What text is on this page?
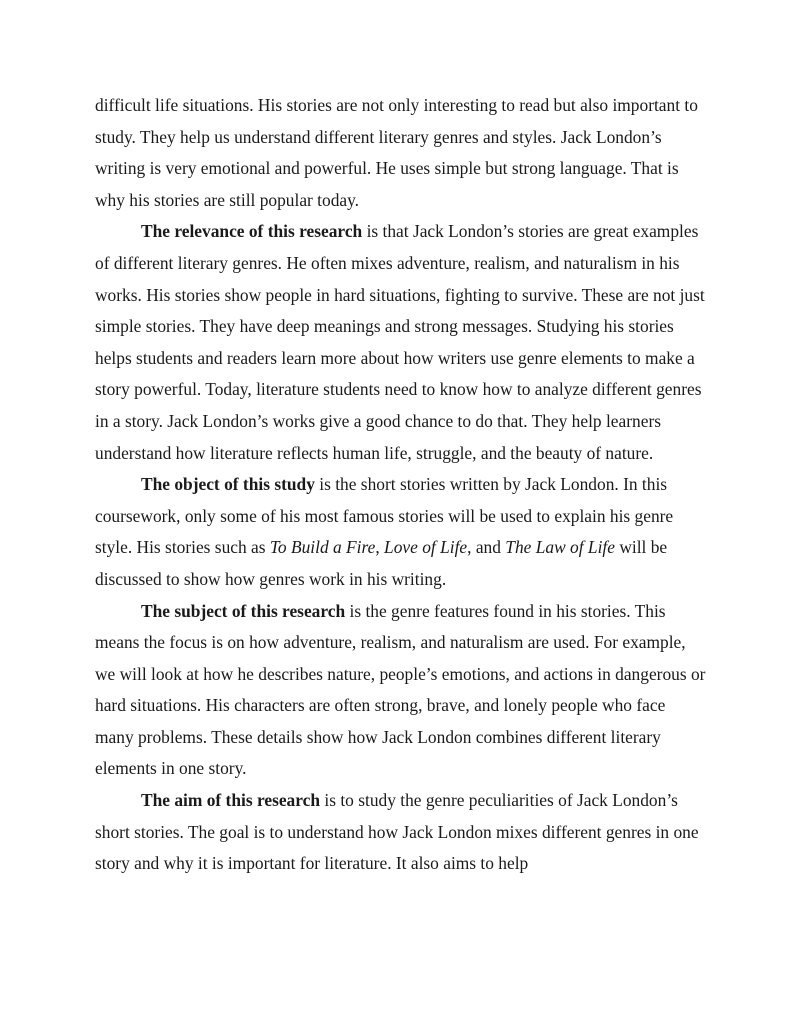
difficult life situations. His stories are not only interesting to read but also important to study. They help us understand different literary genres and styles. Jack London’s writing is very emotional and powerful. He uses simple but strong language. That is why his stories are still popular today.

The relevance of this research is that Jack London’s stories are great examples of different literary genres. He often mixes adventure, realism, and naturalism in his works. His stories show people in hard situations, fighting to survive. These are not just simple stories. They have deep meanings and strong messages. Studying his stories helps students and readers learn more about how writers use genre elements to make a story powerful. Today, literature students need to know how to analyze different genres in a story. Jack London’s works give a good chance to do that. They help learners understand how literature reflects human life, struggle, and the beauty of nature.

The object of this study is the short stories written by Jack London. In this coursework, only some of his most famous stories will be used to explain his genre style. His stories such as To Build a Fire, Love of Life, and The Law of Life will be discussed to show how genres work in his writing.

The subject of this research is the genre features found in his stories. This means the focus is on how adventure, realism, and naturalism are used. For example, we will look at how he describes nature, people’s emotions, and actions in dangerous or hard situations. His characters are often strong, brave, and lonely people who face many problems. These details show how Jack London combines different literary elements in one story.

The aim of this research is to study the genre peculiarities of Jack London’s short stories. The goal is to understand how Jack London mixes different genres in one story and why it is important for literature. It also aims to help
